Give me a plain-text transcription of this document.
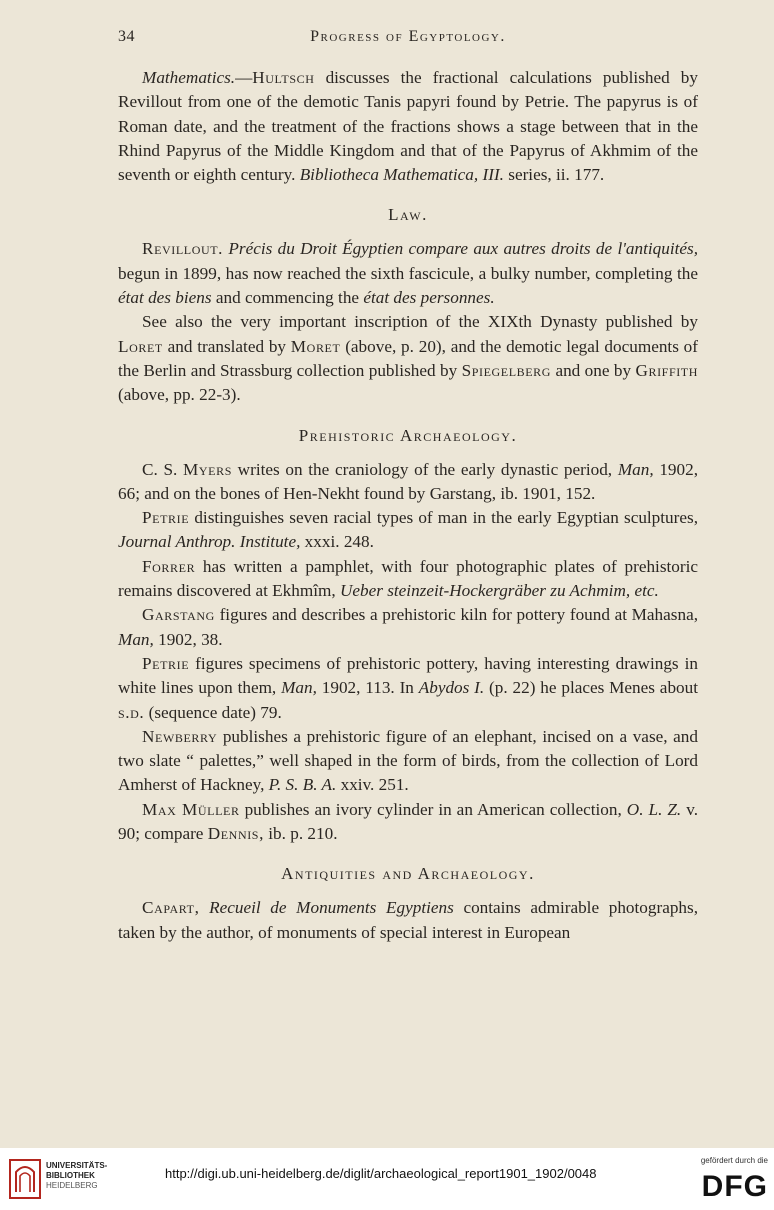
34	Progress of Egyptology.

Mathematics.—Hultsch discusses the fractional calculations published by Revillout from one of the demotic Tanis papyri found by Petrie. The papyrus is of Roman date, and the treatment of the fractions shows a stage between that in the Rhind Papyrus of the Middle Kingdom and that of the Papyrus of Akhmim of the seventh or eighth century. Bibliotheca Mathematica, III. series, ii. 177.

Law.

Revillout. Précis du Droit Égyptien compare aux autres droits de l'antiquités, begun in 1899, has now reached the sixth fascicule, a bulky number, completing the état des biens and commencing the état des personnes.

See also the very important inscription of the XIXth Dynasty published by Loret and translated by Moret (above, p. 20), and the demotic legal documents of the Berlin and Strassburg collection published by Spiegelberg and one by Griffith (above, pp. 22-3).

Prehistoric Archaeology.

C. S. Myers writes on the craniology of the early dynastic period, Man, 1902, 66; and on the bones of Hen-Nekht found by Garstang, ib. 1901, 152.

Petrie distinguishes seven racial types of man in the early Egyptian sculptures, Journal Anthrop. Institute, xxxi. 248.

Forrer has written a pamphlet, with four photographic plates of prehistoric remains discovered at Ekhmîm, Ueber steinzeit-Hockergräber zu Achmim, etc.

Garstang figures and describes a prehistoric kiln for pottery found at Mahasna, Man, 1902, 38.

Petrie figures specimens of prehistoric pottery, having interesting drawings in white lines upon them, Man, 1902, 113. In Abydos I. (p. 22) he places Menes about s.d. (sequence date) 79.

Newberry publishes a prehistoric figure of an elephant, incised on a vase, and two slate “ palettes,” well shaped in the form of birds, from the collection of Lord Amherst of Hackney, P. S. B. A. xxiv. 251.

Max Müller publishes an ivory cylinder in an American collection, O. L. Z. v. 90; compare Dennis, ib. p. 210.

Antiquities and Archaeology.

Capart, Recueil de Monuments Egyptiens contains admirable photographs, taken by the author, of monuments of special interest in European

UNIVERSITÄTS-
BIBLIOTHEK
HEIDELBERG
http://digi.ub.uni-heidelberg.de/diglit/archaeological_report1901_1902/0048
gefördert durch die
DFG
